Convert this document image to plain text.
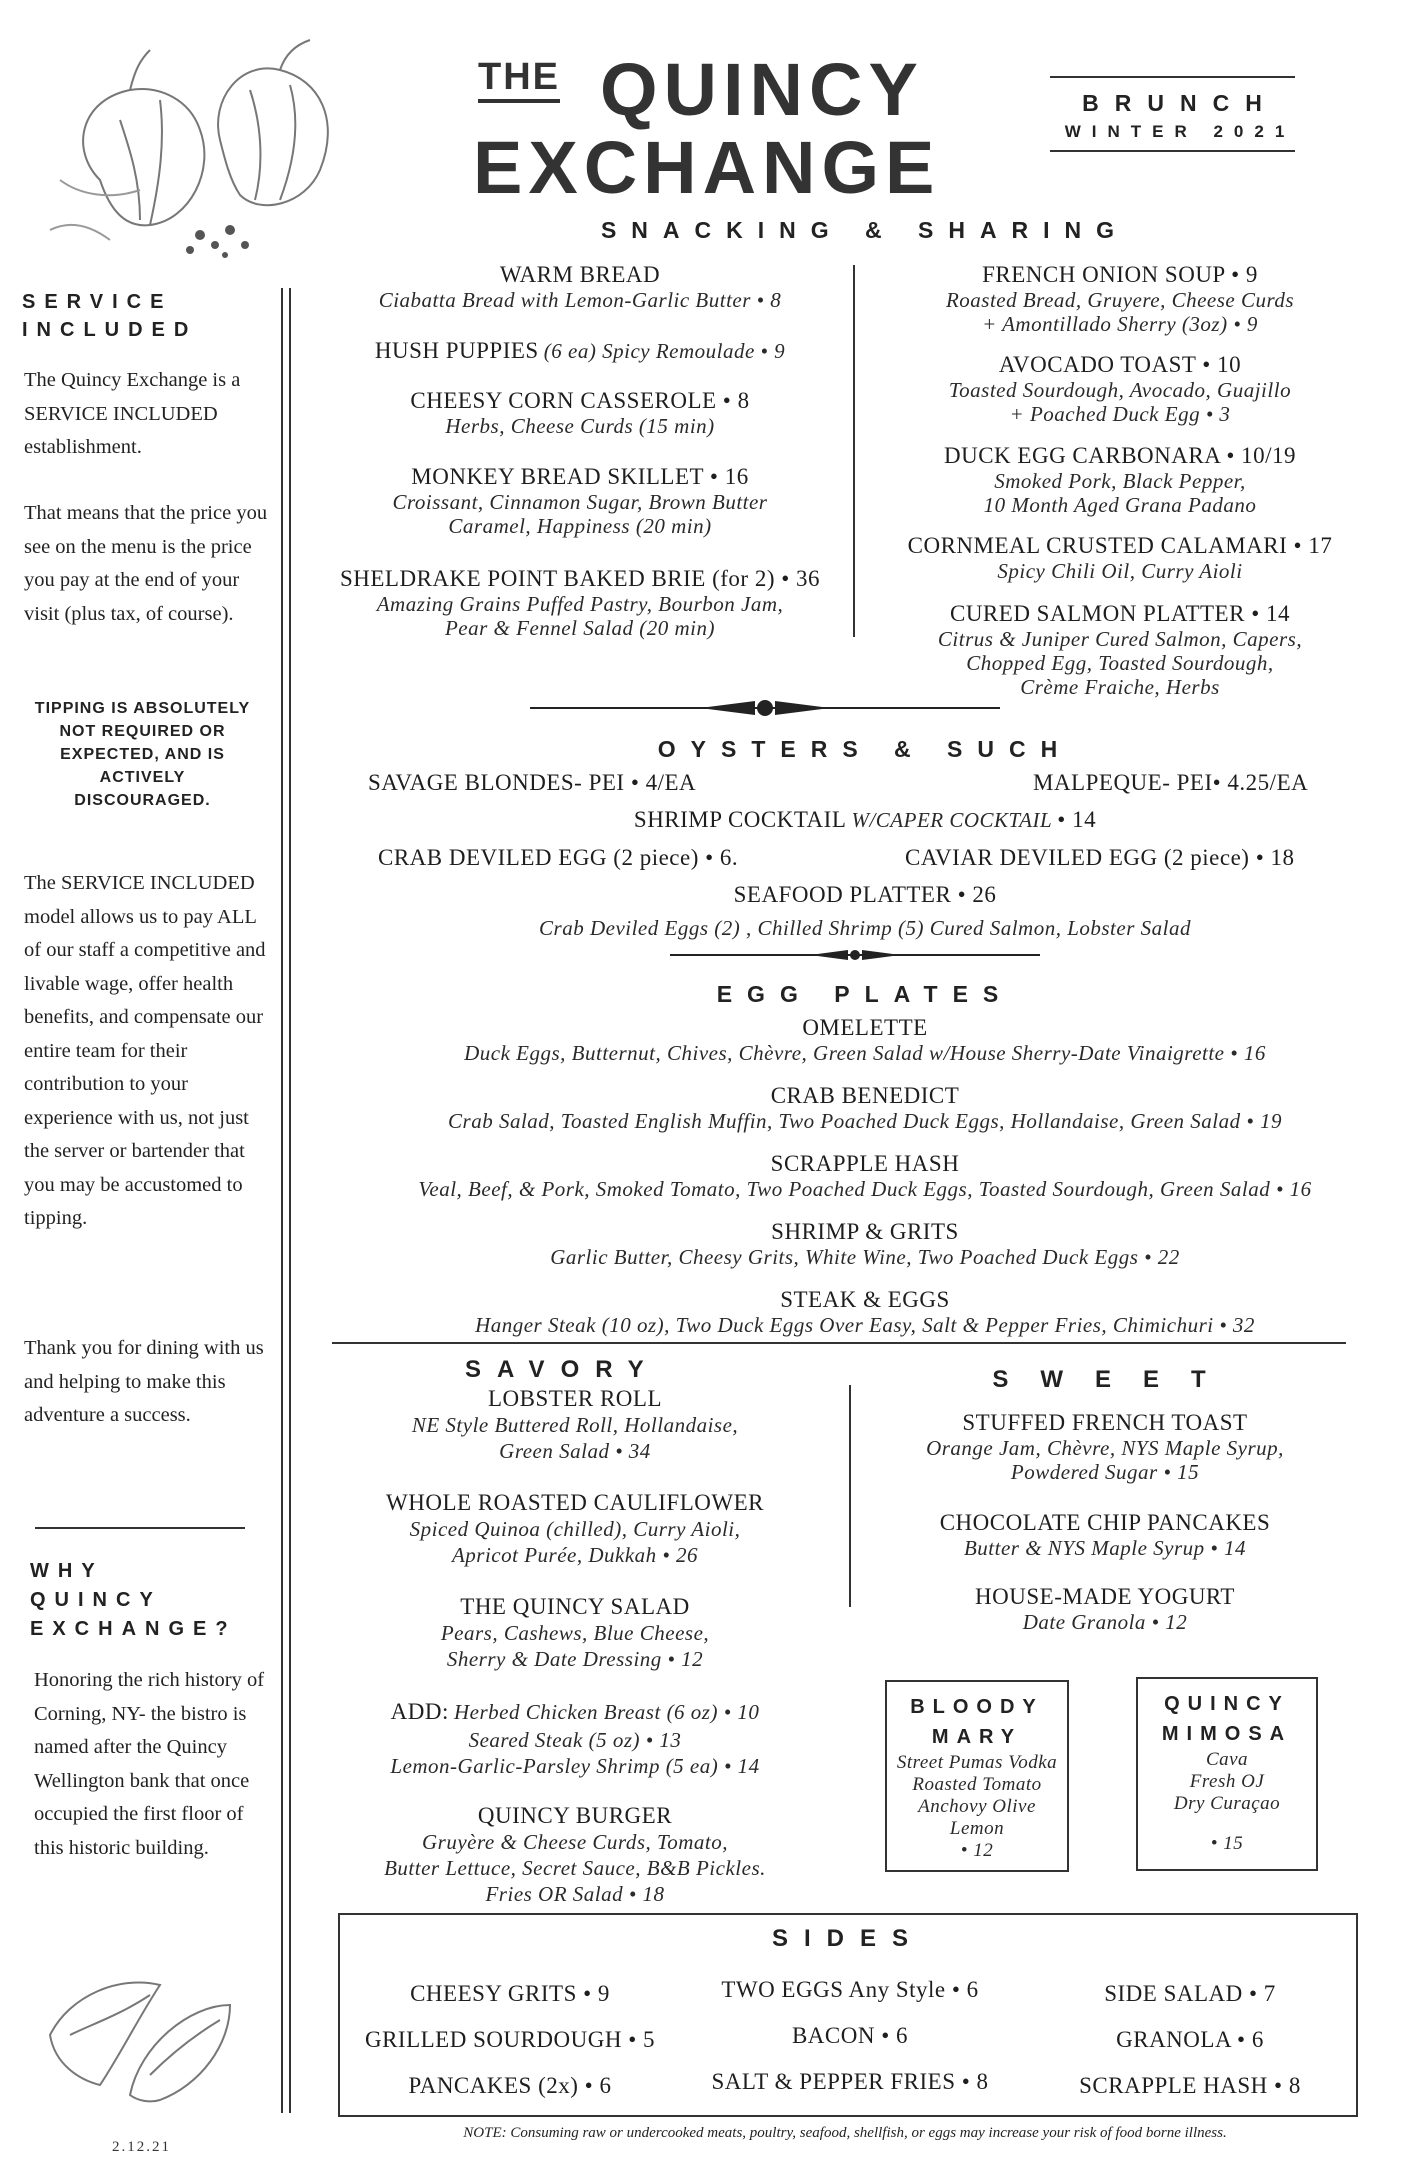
THE QUINCY
EXCHANGE
BRUNCH
WINTER 2021
SNACKING & SHARING
SERVICE
INCLUDED
The Quincy Exchange is a SERVICE INCLUDED establishment.
That means that the price you see on the menu is the price you pay at the end of your visit (plus tax, of course).
TIPPING IS ABSOLUTELY NOT REQUIRED OR EXPECTED, AND IS ACTIVELY DISCOURAGED.
The SERVICE INCLUDED model allows us to pay ALL of our staff a competitive and livable wage, offer health benefits, and compensate our entire team for their contribution to your experience with us, not just the server or bartender that you may be accustomed to tipping.
Thank you for dining with us and helping to make this adventure a success.
WHY
QUINCY
EXCHANGE?
Honoring the rich history of Corning, NY- the bistro is named after the Quincy Wellington bank that once occupied the first floor of this historic building.
2.12.21
WARM BREAD
Ciabatta Bread with Lemon-Garlic Butter • 8
HUSH PUPPIES (6 ea) Spicy Remoulade • 9
CHEESY CORN CASSEROLE • 8
Herbs, Cheese Curds (15 min)
MONKEY BREAD SKILLET • 16
Croissant, Cinnamon Sugar, Brown Butter
Caramel, Happiness (20 min)
SHELDRAKE POINT BAKED BRIE (for 2) • 36
Amazing Grains Puffed Pastry, Bourbon Jam,
Pear & Fennel Salad (20 min)
FRENCH ONION SOUP • 9
Roasted Bread, Gruyere, Cheese Curds
+ Amontillado Sherry (3oz) • 9
AVOCADO TOAST • 10
Toasted Sourdough, Avocado, Guajillo
+ Poached Duck Egg • 3
DUCK EGG CARBONARA • 10/19
Smoked Pork, Black Pepper,
10 Month Aged Grana Padano
CORNMEAL CRUSTED CALAMARI • 17
Spicy Chili Oil, Curry Aioli
CURED SALMON PLATTER • 14
Citrus & Juniper Cured Salmon, Capers,
Chopped Egg, Toasted Sourdough,
Crème Fraiche, Herbs
OYSTERS & SUCH
SAVAGE BLONDES- PEI • 4/EA	MALPEQUE- PEI• 4.25/EA
SHRIMP COCKTAIL W/CAPER COCKTAIL • 14
CRAB DEVILED EGG (2 piece) • 6.	CAVIAR DEVILED EGG (2 piece) • 18
SEAFOOD PLATTER • 26
Crab Deviled Eggs (2) , Chilled Shrimp (5) Cured Salmon, Lobster Salad
EGG PLATES
OMELETTE
Duck Eggs, Butternut, Chives, Chèvre, Green Salad w/House Sherry-Date Vinaigrette • 16
CRAB BENEDICT
Crab Salad, Toasted English Muffin, Two Poached Duck Eggs, Hollandaise, Green Salad • 19
SCRAPPLE HASH
Veal, Beef, & Pork, Smoked Tomato, Two Poached Duck Eggs, Toasted Sourdough, Green Salad • 16
SHRIMP & GRITS
Garlic Butter, Cheesy Grits, White Wine, Two Poached Duck Eggs • 22
STEAK & EGGS
Hanger Steak (10 oz), Two Duck Eggs Over Easy, Salt & Pepper Fries, Chimichuri • 32
SAVORY
LOBSTER ROLL
NE Style Buttered Roll, Hollandaise,
Green Salad • 34
WHOLE ROASTED CAULIFLOWER
Spiced Quinoa (chilled), Curry Aioli,
Apricot Purée, Dukkah • 26
THE QUINCY SALAD
Pears, Cashews, Blue Cheese,
Sherry & Date Dressing • 12
ADD: Herbed Chicken Breast (6 oz) • 10
Seared Steak (5 oz) • 13
Lemon-Garlic-Parsley Shrimp (5 ea) • 14
QUINCY BURGER
Gruyère & Cheese Curds, Tomato,
Butter Lettuce, Secret Sauce, B&B Pickles.
Fries OR Salad • 18
SWEET
STUFFED FRENCH TOAST
Orange Jam, Chèvre, NYS Maple Syrup,
Powdered Sugar • 15
CHOCOLATE CHIP PANCAKES
Butter & NYS Maple Syrup • 14
HOUSE-MADE YOGURT
Date Granola • 12
BLOODY
MARY
Street Pumas Vodka
Roasted Tomato
Anchovy Olive
Lemon
• 12
QUINCY
MIMOSA
Cava
Fresh OJ
Dry Curaçao
• 15
SIDES
CHEESY GRITS • 9
GRILLED SOURDOUGH • 5
PANCAKES (2x) • 6
TWO EGGS Any Style • 6
BACON • 6
SALT & PEPPER FRIES • 8
SIDE SALAD • 7
GRANOLA • 6
SCRAPPLE HASH • 8
NOTE: Consuming raw or undercooked meats, poultry, seafood, shellfish, or eggs may increase your risk of food borne illness.
